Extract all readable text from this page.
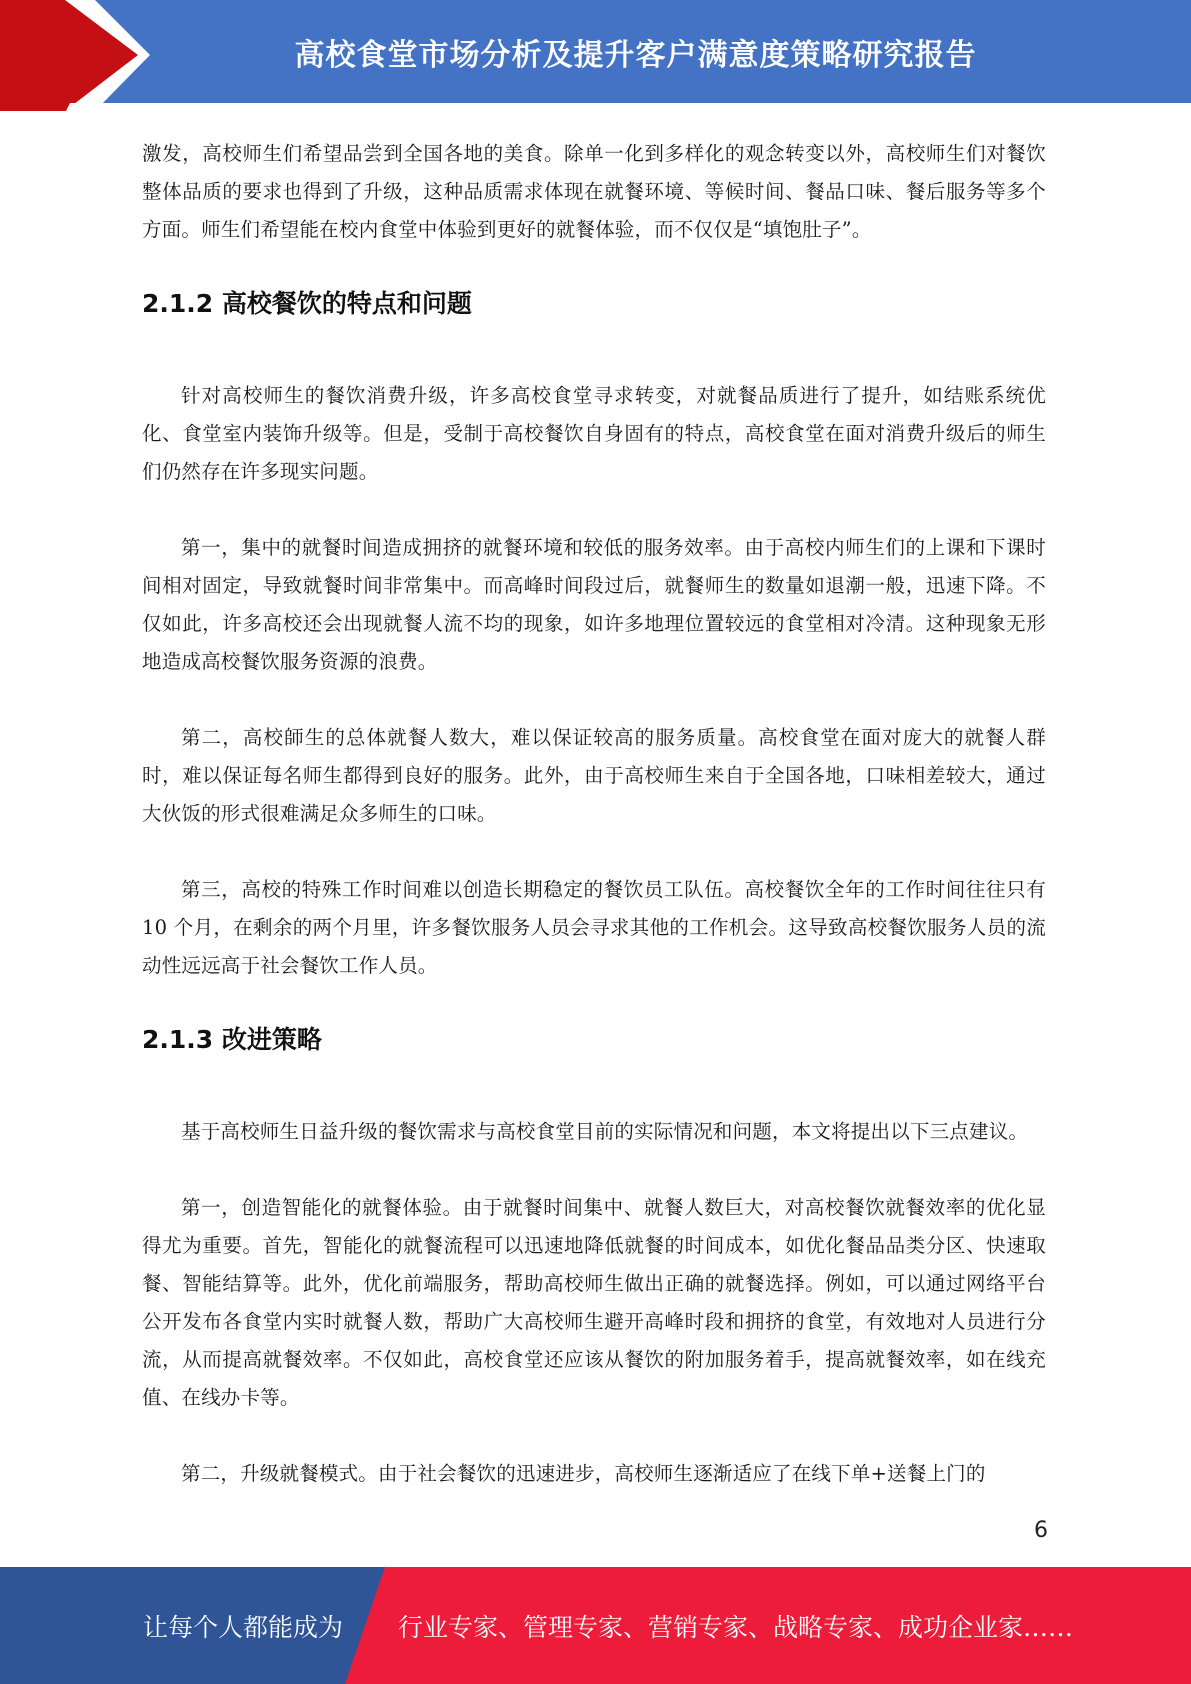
高校食堂市场分析及提升客户满意度策略研究报告

激发，高校师生们希望品尝到全国各地的美食。除单一化到多样化的观念转变以外，高校师生们对餐饮整体品质的要求也得到了升级，这种品质需求体现在就餐环境、等候时间、餐品口味、餐后服务等多个方面。师生们希望能在校内食堂中体验到更好的就餐体验，而不仅仅是“填饱肚子”。

2.1.2 高校餐饮的特点和问题

针对高校师生的餐饮消费升级，许多高校食堂寻求转变，对就餐品质进行了提升，如结账系统优化、食堂室内装饰升级等。但是，受制于高校餐饮自身固有的特点，高校食堂在面对消费升级后的师生们仍然存在许多现实问题。

第一，集中的就餐时间造成拥挤的就餐环境和较低的服务效率。由于高校内师生们的上课和下课时间相对固定，导致就餐时间非常集中。而高峰时间段过后，就餐师生的数量如退潮一般，迅速下降。不仅如此，许多高校还会出现就餐人流不均的现象，如许多地理位置较远的食堂相对冷清。这种现象无形地造成高校餐饮服务资源的浪费。

第二，高校師生的总体就餐人数大，难以保证较高的服务质量。高校食堂在面对庞大的就餐人群时，难以保证每名师生都得到良好的服务。此外，由于高校师生来自于全国各地，口味相差较大，通过大伙饭的形式很难满足众多师生的口味。

第三，高校的特殊工作时间难以创造长期稳定的餐饮员工队伍。高校餐饮全年的工作时间往往只有 10 个月，在剩余的两个月里，许多餐饮服务人员会寻求其他的工作机会。这导致高校餐饮服务人员的流动性远远高于社会餐饮工作人员。

2.1.3 改进策略

基于高校师生日益升级的餐饮需求与高校食堂目前的实际情况和问题，本文将提出以下三点建议。

第一，创造智能化的就餐体验。由于就餐时间集中、就餐人数巨大，对高校餐饮就餐效率的优化显得尤为重要。首先，智能化的就餐流程可以迅速地降低就餐的时间成本，如优化餐品品类分区、快速取餐、智能结算等。此外，优化前端服务，帮助高校师生做出正确的就餐选择。例如，可以通过网络平台公开发布各食堂内实时就餐人数，帮助广大高校师生避开高峰时段和拥挤的食堂，有效地对人员进行分流，从而提高就餐效率。不仅如此，高校食堂还应该从餐饮的附加服务着手，提高就餐效率，如在线充值、在线办卡等。

第二，升级就餐模式。由于社会餐饮的迅速进步，高校师生逐渐适应了在线下单+送餐上门的

6
让每个人都能成为 行业专家、管理专家、营销专家、战略专家、成功企业家……
